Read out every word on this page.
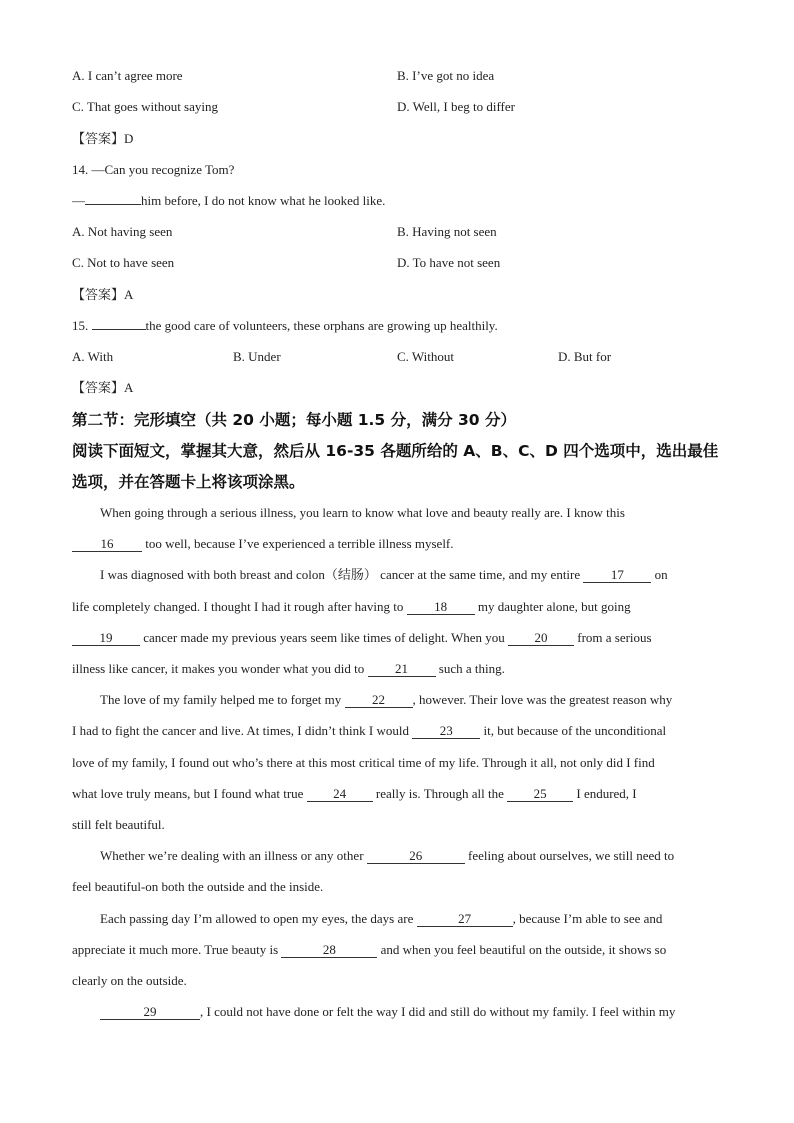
A. I can’t agree more	B. I’ve got no idea
C. That goes without saying	D. Well, I beg to differ
【答案】D
14. —Can you recognize Tom?
—	him before, I do not know what he looked like.
A. Not having seen	B. Having not seen
C. Not to have seen	D. To have not seen
【答案】A
15.	the good care of volunteers, these orphans are growing up healthily.
A. With	B. Under	C. Without	D. But for
【答案】A
第二节：完形填空（共 20 小题；每小题 1.5 分，满分 30 分）
阅读下面短文，掌握其大意，然后从 16-35 各题所给的 A、B、C、D 四个选项中，选出最佳
选项，并在答题卡上将该项涂黑。
When going through a serious illness, you learn to know what love and beauty really are. I know this
16 too well, because I’ve experienced a terrible illness myself.
I was diagnosed with both breast and colon（结肠） cancer at the same time, and my entire 17 on
life completely changed. I thought I had it rough after having to 18 my daughter alone, but going
19 cancer made my previous years seem like times of delight. When you 20 from a serious
illness like cancer, it makes you wonder what you did to 21 such a thing.
The love of my family helped me to forget my 22 , however. Their love was the greatest reason why
I had to fight the cancer and live. At times, I didn’t think I would 23 it, but because of the unconditional
love of my family, I found out who’s there at this most critical time of my life. Through it all, not only did I find
what love truly means, but I found what true 24 really is. Through all the 25 I endured, I
still felt beautiful.
Whether we’re dealing with an illness or any other	26	feeling about ourselves, we still need to
feel beautiful-on both the outside and the inside.
Each passing day I’m allowed to open my eyes, the days are	27	, because I’m able to see and
appreciate it much more. True beauty is	28	and when you feel beautiful on the outside, it shows so
clearly on the outside.
29	, I could not have done or felt the way I did and still do without my family. I feel within my
